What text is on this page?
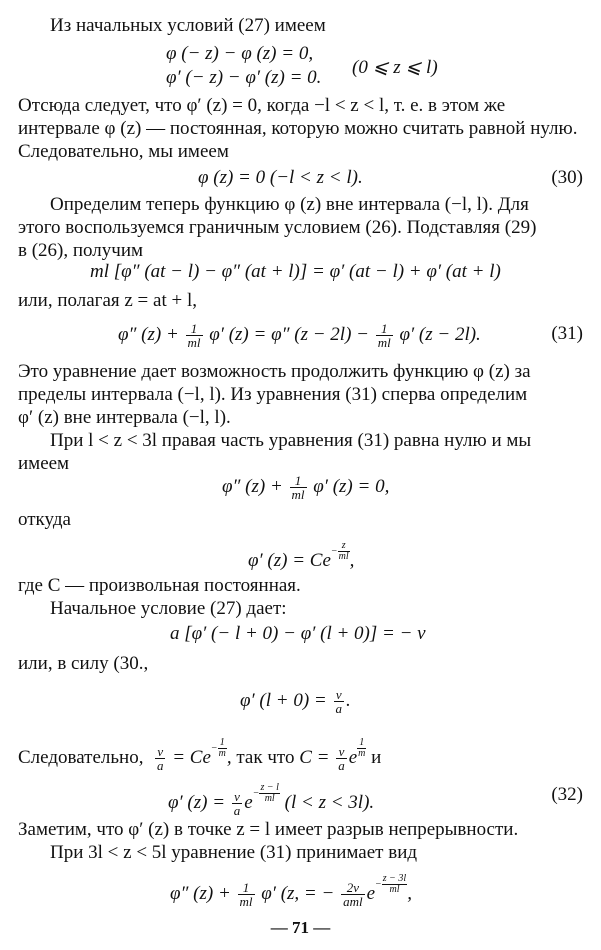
Из начальных условий (27) имеем
φ (− z) − φ (z) = 0,
φ′ (− z) − φ′ (z) = 0. (0 ⩽ z ⩽ l)
Отсюда следует, что φ′ (z) = 0, когда −l < z < l, т. е. в этом же
интервале φ (z) — постоянная, которую можно считать равной нулю.
Следовательно, мы имеем
φ (z) = 0 (−l < z < l).	(30)
Определим теперь функцию φ (z) вне интервала (−l, l). Для
этого воспользуемся граничным условием (26). Подставляя (29)
в (26), получим
ml [φ″ (at − l) − φ″ (at + l)] = φ′ (at − l) + φ′ (at + l)
или, полагая z = at + l,
φ″ $(z) + \frac{1}{ml} \varphi'$ (z) = φ″ $(z - 2l) - \frac{1}{ml} \varphi'$ (z − 2l).	(31)
Это уравнение дает возможность продолжить функцию φ (z) за
пределы интервала (−l, l). Из уравнения (31) сперва определим
φ′ (z) вне интервала (−l, l).
При l < z < 3l правая часть уравнения (31) равна нулю и мы
имеем
φ″ $(z) + \frac{1}{ml} \varphi'$ (z) = 0,
откуда
φ′ $(z) = Ce^{- \frac{z}{ml}}$ ,
где C — произвольная постоянная.
Начальное условие (27) дает:
a [φ′ (− l + 0) − φ′ (l + 0)] = − v
или, в силу (30.,
φ′ $(l + 0) = \frac{v}{a}$ .
Следовательно, $\frac{v}{a} = Ce^{- \frac{1}{m}}$ , так что $C = \frac{v}{a}$ e $^{\frac{1}{m}}$ и
φ′ $(z) = \frac{v}{a} e^{- \frac{z - l}{ml}}$ (l < z < 3l).	(32)
Заметим, что φ′ (z) в точке z = l имеет разрыв непрерывности.
При 3l < z < 5l уравнение (31) принимает вид
φ″ $(z) + \frac{1}{ml} \varphi'$ (z, = − $\frac{2v}{\text{aml}} e^{- \frac{z - 3l}{ml}}$ ,
— 71 —
